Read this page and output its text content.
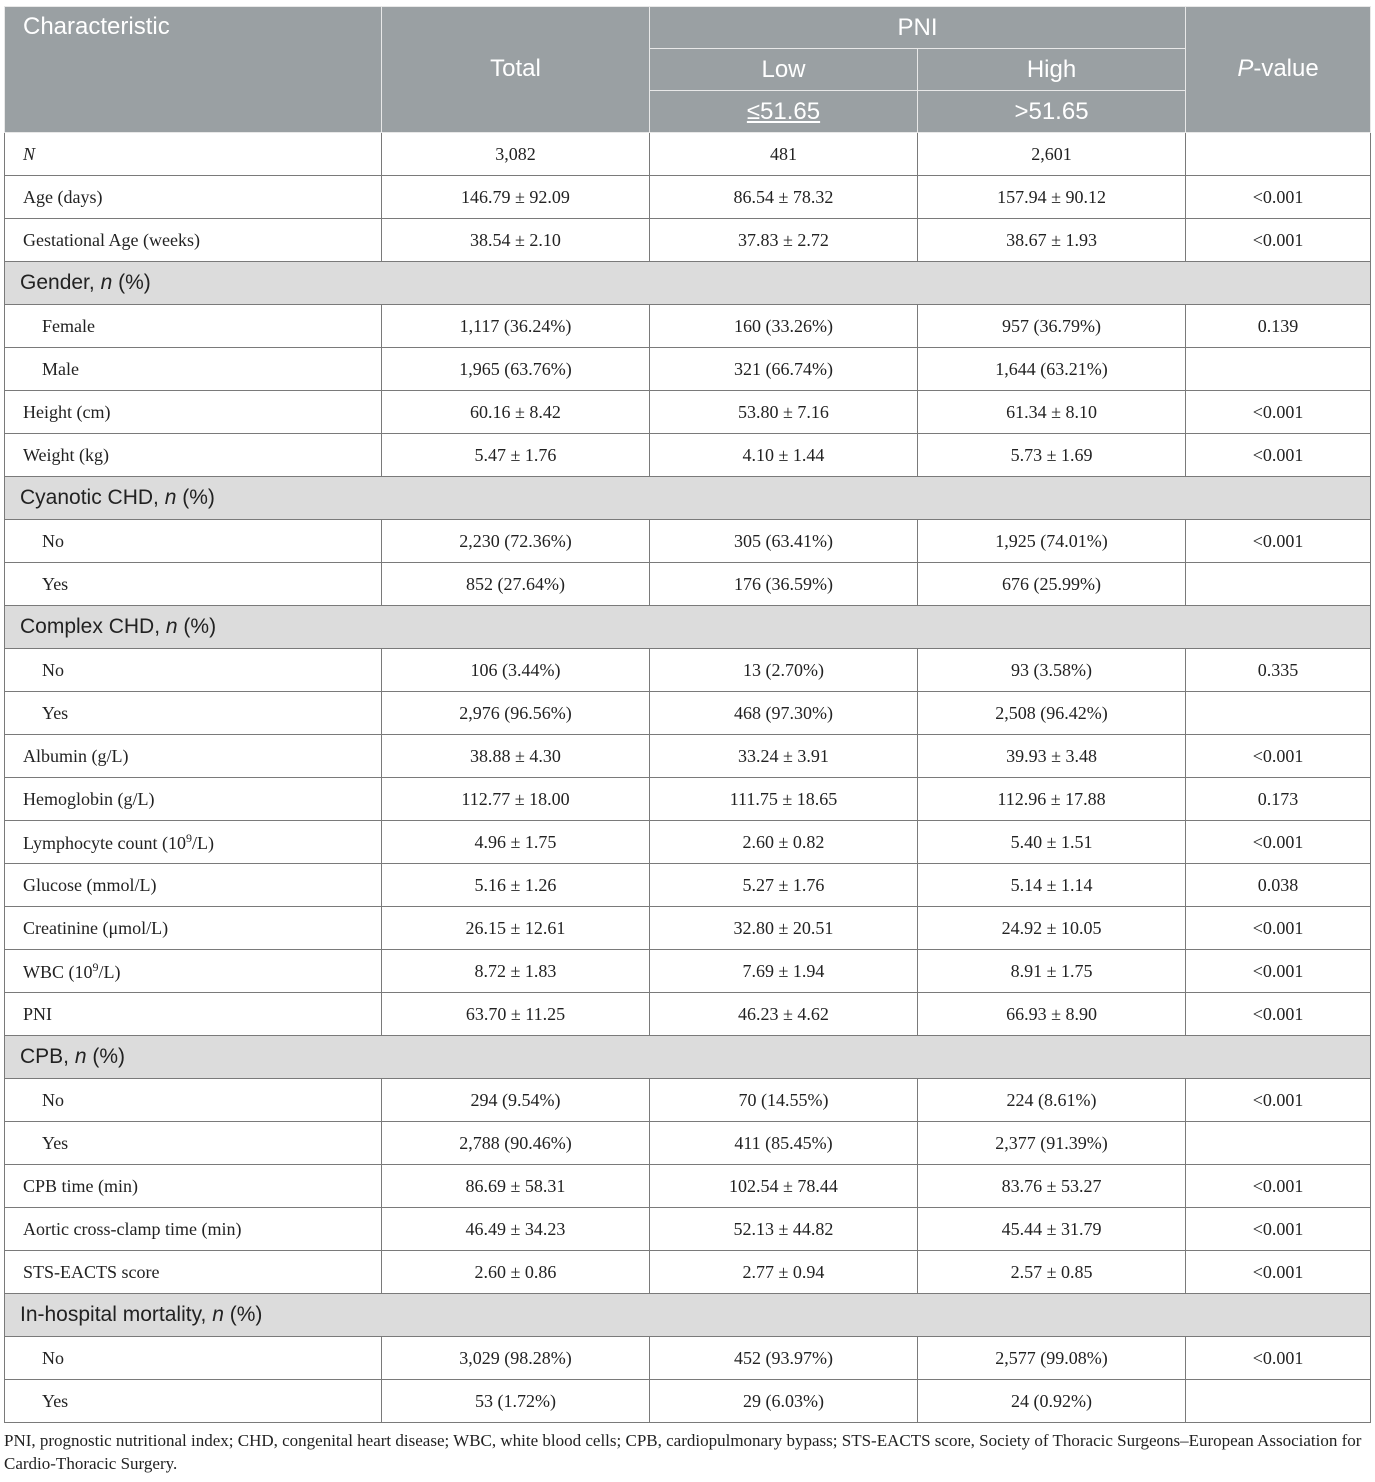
Characteristic	Total	PNI		P-value
		Low	High	
		≤51.65	>51.65	
N	3,082	481	2,601	
Age (days)	146.79 ± 92.09	86.54 ± 78.32	157.94 ± 90.12	<0.001
Gestational Age (weeks)	38.54 ± 2.10	37.83 ± 2.72	38.67 ± 1.93	<0.001
Gender, n (%)				
Female	1,117 (36.24%)	160 (33.26%)	957 (36.79%)	0.139
Male	1,965 (63.76%)	321 (66.74%)	1,644 (63.21%)	
Height (cm)	60.16 ± 8.42	53.80 ± 7.16	61.34 ± 8.10	<0.001
Weight (kg)	5.47 ± 1.76	4.10 ± 1.44	5.73 ± 1.69	<0.001
Cyanotic CHD, n (%)				
No	2,230 (72.36%)	305 (63.41%)	1,925 (74.01%)	<0.001
Yes	852 (27.64%)	176 (36.59%)	676 (25.99%)	
Complex CHD, n (%)				
No	106 (3.44%)	13 (2.70%)	93 (3.58%)	0.335
Yes	2,976 (96.56%)	468 (97.30%)	2,508 (96.42%)	
Albumin (g/L)	38.88 ± 4.30	33.24 ± 3.91	39.93 ± 3.48	<0.001
Hemoglobin (g/L)	112.77 ± 18.00	111.75 ± 18.65	112.96 ± 17.88	0.173
Lymphocyte count $(10^9/L)$	4.96 ± 1.75	2.60 ± 0.82	5.40 ± 1.51	<0.001
Glucose (mmol/L)	5.16 ± 1.26	5.27 ± 1.76	5.14 ± 1.14	0.038
Creatinine (μmol/L)	26.15 ± 12.61	32.80 ± 20.51	24.92 ± 10.05	<0.001
WBC $(10^9/L)$	8.72 ± 1.83	7.69 ± 1.94	8.91 ± 1.75	<0.001
PNI	63.70 ± 11.25	46.23 ± 4.62	66.93 ± 8.90	<0.001
CPB, n (%)				
No	294 (9.54%)	70 (14.55%)	224 (8.61%)	<0.001
Yes	2,788 (90.46%)	411 (85.45%)	2,377 (91.39%)	
CPB time (min)	86.69 ± 58.31	102.54 ± 78.44	83.76 ± 53.27	<0.001
Aortic cross-clamp time (min)	46.49 ± 34.23	52.13 ± 44.82	45.44 ± 31.79	<0.001
STS-EACTS score	2.60 ± 0.86	2.77 ± 0.94	2.57 ± 0.85	<0.001
In-hospital mortality, n (%)				
No	3,029 (98.28%)	452 (93.97%)	2,577 (99.08%)	<0.001
Yes	53 (1.72%)	29 (6.03%)	24 (0.92%)	
PNI, prognostic nutritional index; CHD, congenital heart disease; WBC, white blood cells; CPB, cardiopulmonary bypass; STS-EACTS score, Society of Thoracic Surgeons–European Association for Cardio-Thoracic Surgery.
